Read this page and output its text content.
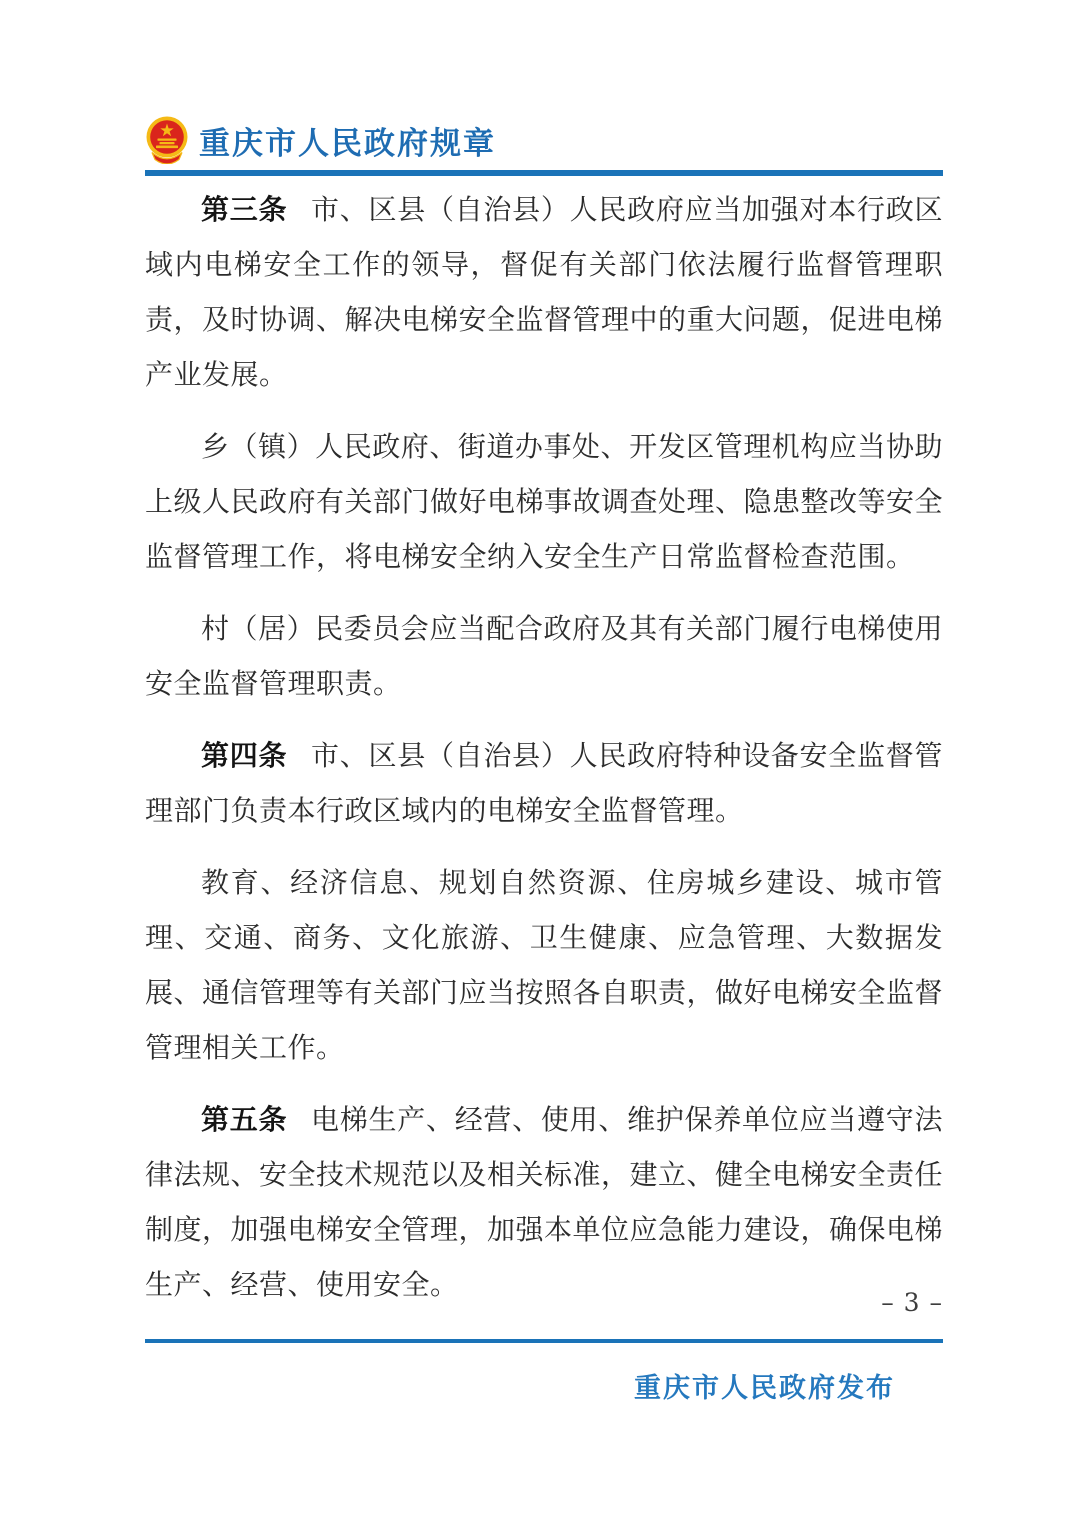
重庆市人民政府规章

第三条 市、区县（自治县）人民政府应当加强对本行政区域内电梯安全工作的领导，督促有关部门依法履行监督管理职责，及时协调、解决电梯安全监督管理中的重大问题，促进电梯产业发展。

乡（镇）人民政府、街道办事处、开发区管理机构应当协助上级人民政府有关部门做好电梯事故调查处理、隐患整改等安全监督管理工作，将电梯安全纳入安全生产日常监督检查范围。

村（居）民委员会应当配合政府及其有关部门履行电梯使用安全监督管理职责。

第四条 市、区县（自治县）人民政府特种设备安全监督管理部门负责本行政区域内的电梯安全监督管理。

教育、经济信息、规划自然资源、住房城乡建设、城市管理、交通、商务、文化旅游、卫生健康、应急管理、大数据发展、通信管理等有关部门应当按照各自职责，做好电梯安全监督管理相关工作。

第五条 电梯生产、经营、使用、维护保养单位应当遵守法律法规、安全技术规范以及相关标准，建立、健全电梯安全责任制度，加强电梯安全管理，加强本单位应急能力建设，确保电梯生产、经营、使用安全。

– 3 –
重庆市人民政府发布
